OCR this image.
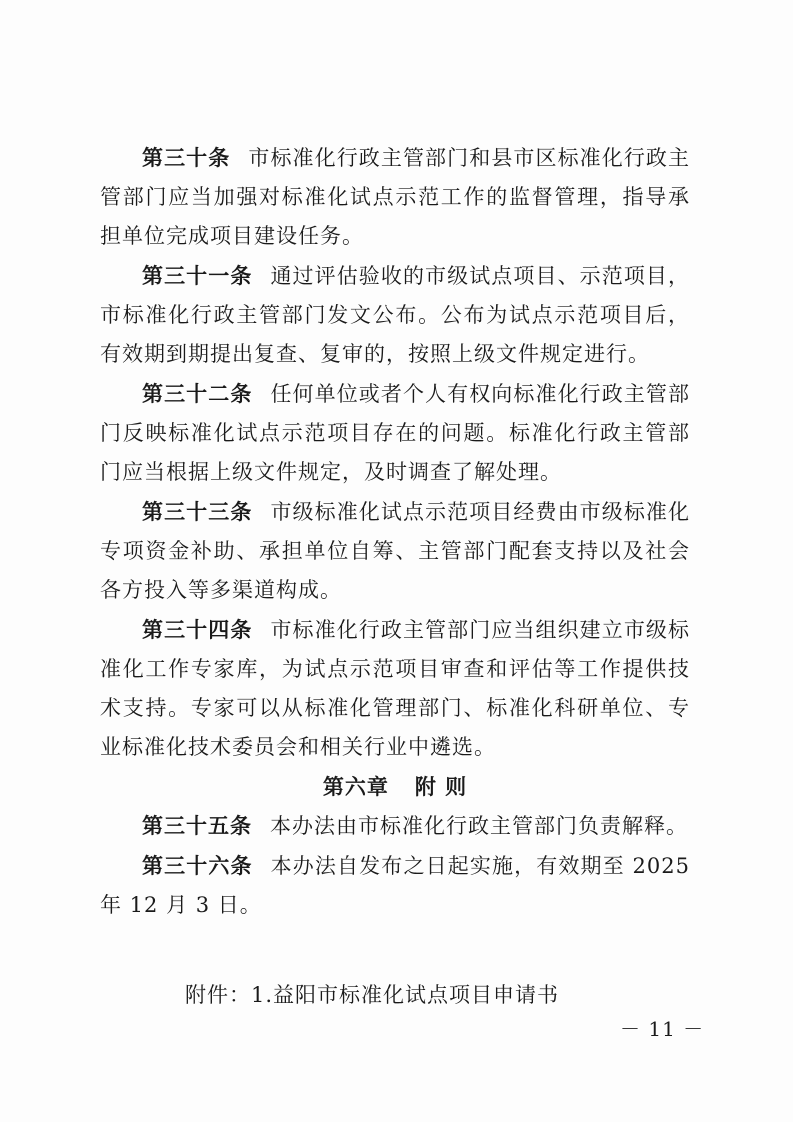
第三十条 市标准化行政主管部门和县市区标准化行政主管部门应当加强对标准化试点示范工作的监督管理，指导承担单位完成项目建设任务。

第三十一条 通过评估验收的市级试点项目、示范项目，市标准化行政主管部门发文公布。公布为试点示范项目后，有效期到期提出复查、复审的，按照上级文件规定进行。

第三十二条 任何单位或者个人有权向标准化行政主管部门反映标准化试点示范项目存在的问题。标准化行政主管部门应当根据上级文件规定，及时调查了解处理。

第三十三条 市级标准化试点示范项目经费由市级标准化专项资金补助、承担单位自筹、主管部门配套支持以及社会各方投入等多渠道构成。

第三十四条 市标准化行政主管部门应当组织建立市级标准化工作专家库，为试点示范项目审查和评估等工作提供技术支持。专家可以从标准化管理部门、标准化科研单位、专业标准化技术委员会和相关行业中遴选。

第六章 附 则

第三十五条 本办法由市标准化行政主管部门负责解释。

第三十六条 本办法自发布之日起实施，有效期至 2025 年 12 月 3 日。

附件：1.益阳市标准化试点项目申请书
－ 11 －
